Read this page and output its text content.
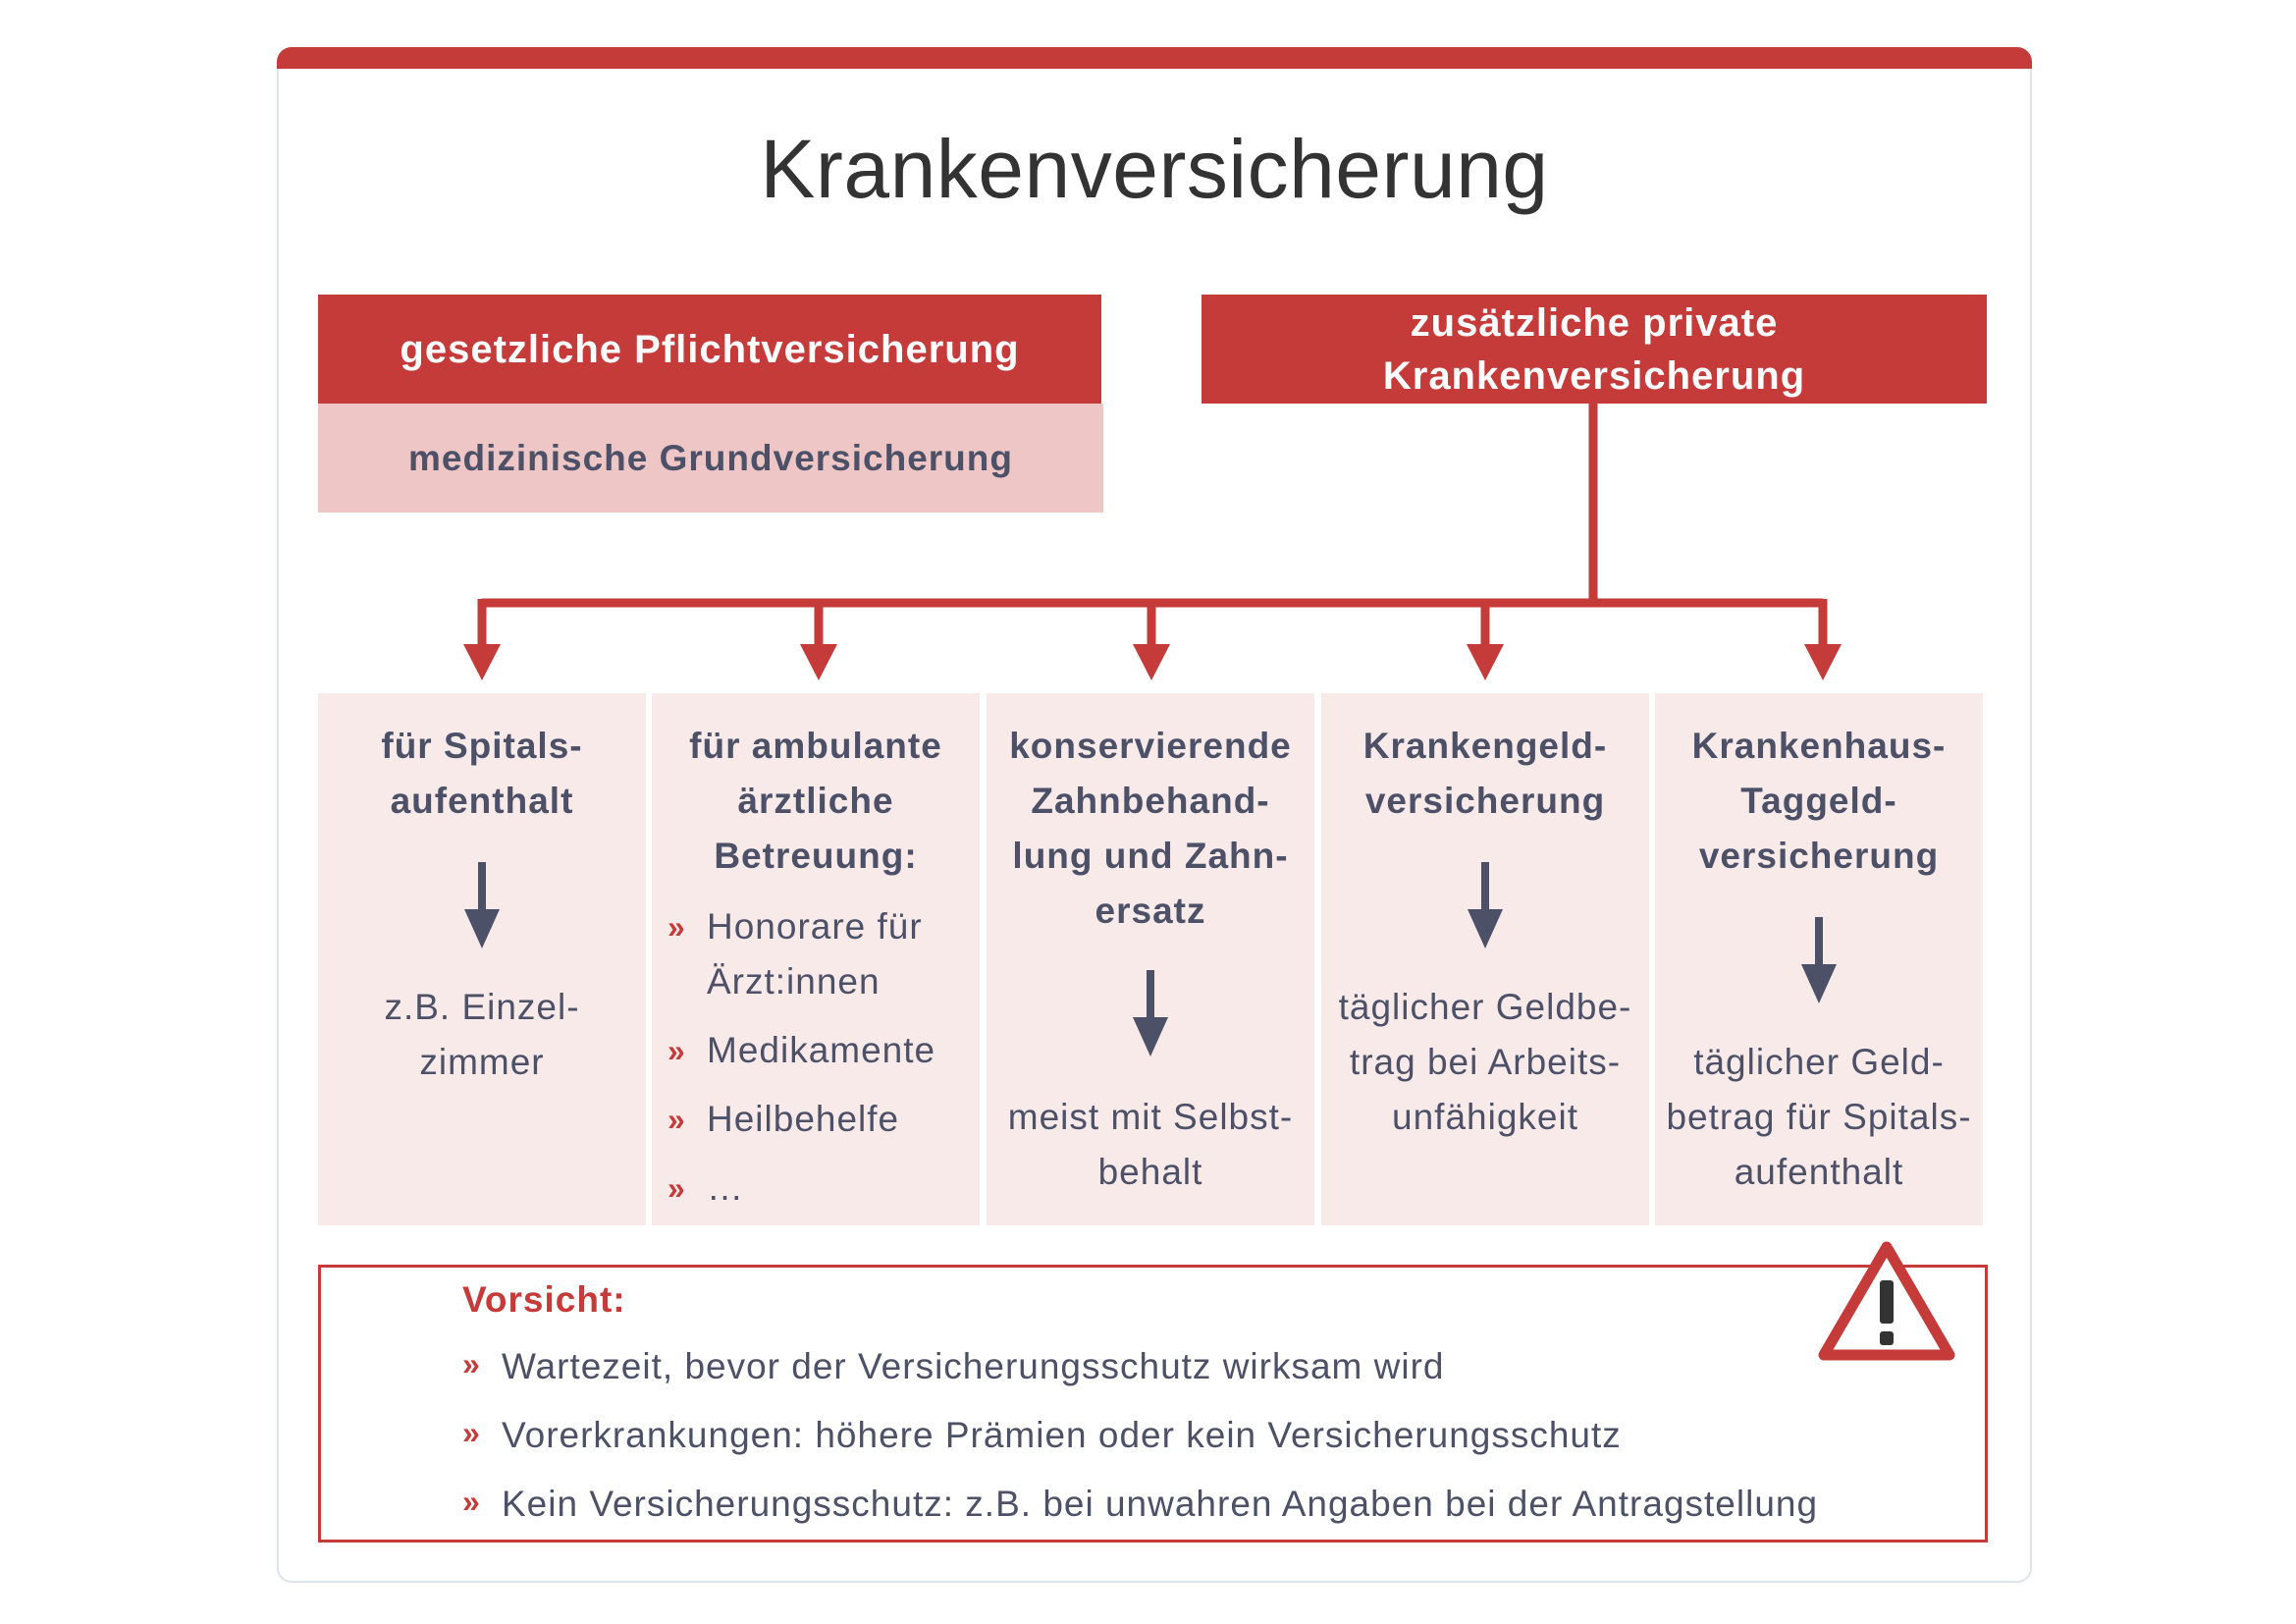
Krankenversicherung
gesetzliche Pflichtversicherung
medizinische Grundversicherung
zusätzliche private
Krankenversicherung
für Spitals-
aufenthalt
z.B. Einzel-
zimmer
für ambulante
ärztliche
Betreuung:
» Honorare für
Ärzt:innen
» Medikamente
» Heilbehelfe
» …
konservierende
Zahnbehand-
lung und Zahn-
ersatz
meist mit Selbst-
behalt
Krankengeld-
versicherung
täglicher Geldbe-
trag bei Arbeits-
unfähigkeit
Krankenhaus-
Taggeld-
versicherung
täglicher Geld-
betrag für Spitals-
aufenthalt
Vorsicht:
» Wartezeit, bevor der Versicherungsschutz wirksam wird
» Vorerkrankungen: höhere Prämien oder kein Versicherungsschutz
» Kein Versicherungsschutz: z.B. bei unwahren Angaben bei der Antragstellung
